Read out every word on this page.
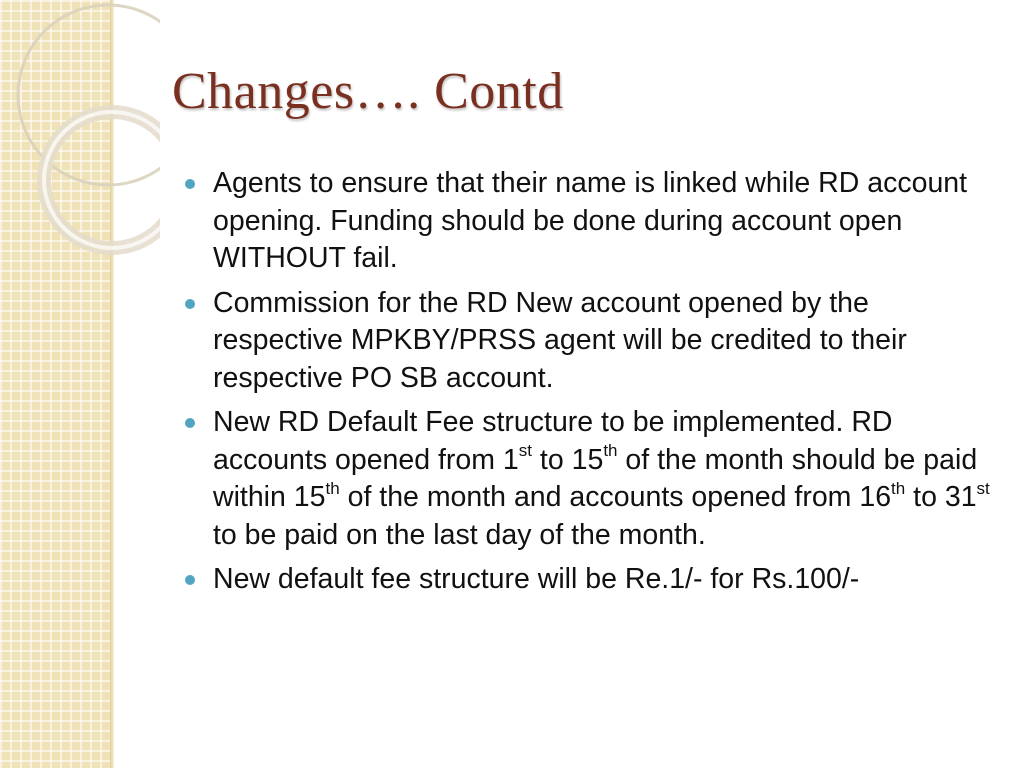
Changes…. Contd
Agents to ensure that their name is linked while RD account opening. Funding should be done during account open WITHOUT fail.
Commission for the RD New account opened by the respective MPKBY/PRSS agent will be credited to their respective PO SB account.
New RD Default Fee structure to be implemented. RD accounts opened from 1st to 15th of the month should be paid within 15th of the month and accounts opened from 16th to 31st to be paid on the last day of the month.
New default fee structure will be Re.1/- for Rs.100/-
